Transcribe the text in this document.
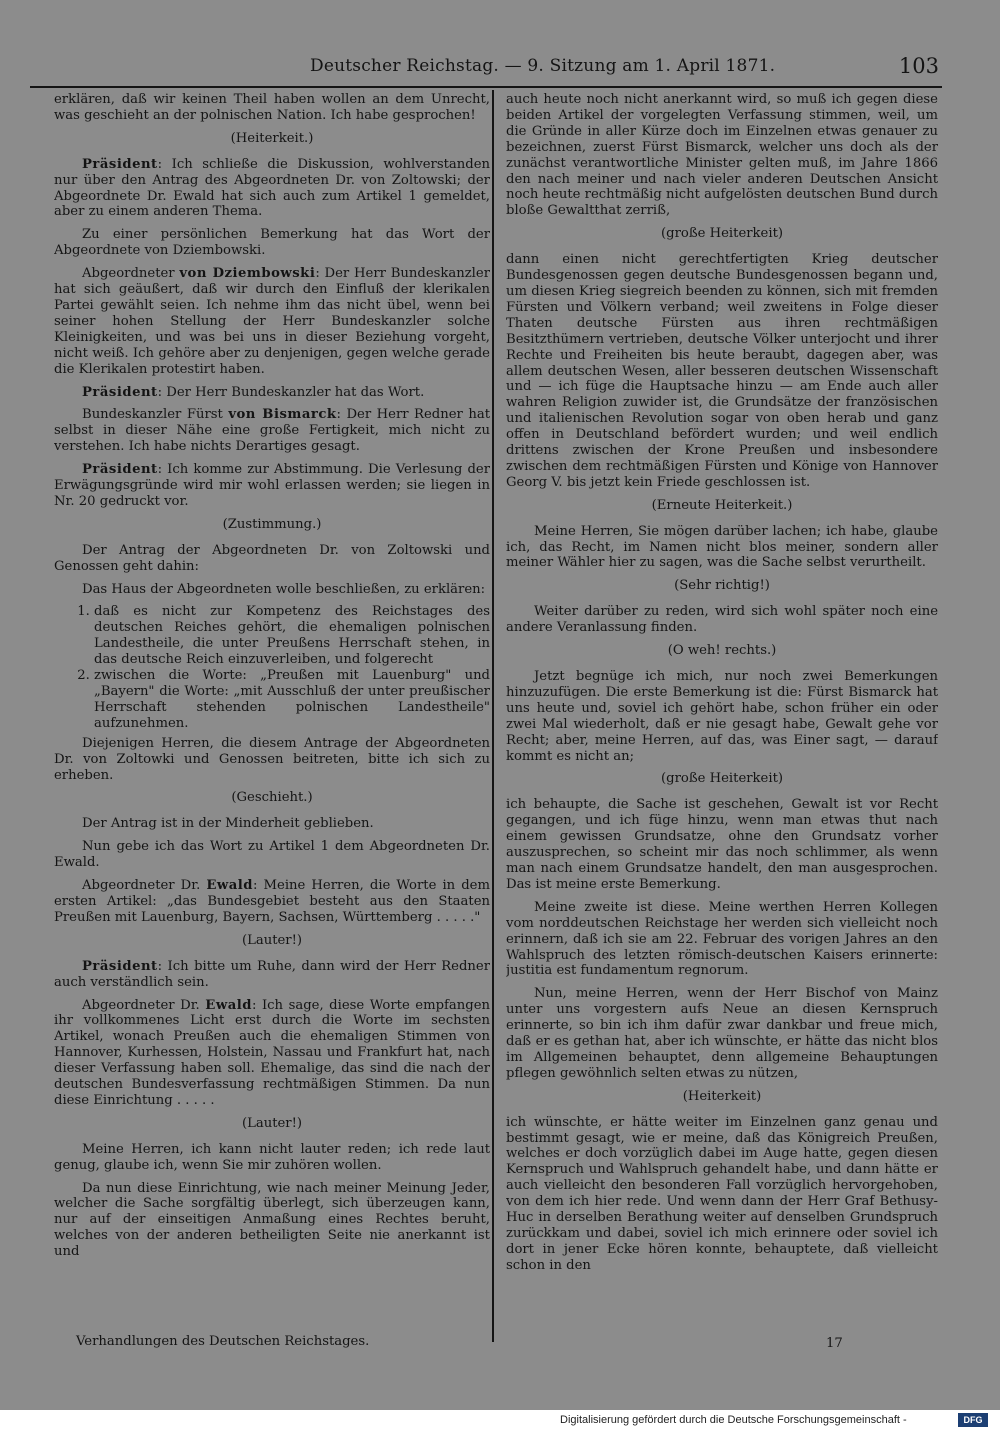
Deutscher Reichstag. — 9. Sitzung am 1. April 1871.	103

erklären, daß wir keinen Theil haben wollen an dem Unrecht, was geschieht an der polnischen Nation. Ich habe gesprochen!

(Heiterkeit.)

Präsident: Ich schließe die Diskussion, wohlverstanden nur über den Antrag des Abgeordneten Dr. von Zoltowski; der Abgeordnete Dr. Ewald hat sich auch zum Artikel 1 gemeldet, aber zu einem anderen Thema.

Zu einer persönlichen Bemerkung hat das Wort der Abgeordnete von Dziembowski.

Abgeordneter von Dziembowski: Der Herr Bundeskanzler hat sich geäußert, daß wir durch den Einfluß der klerikalen Partei gewählt seien. Ich nehme ihm das nicht übel, wenn bei seiner hohen Stellung der Herr Bundeskanzler solche Kleinigkeiten, und was bei uns in dieser Beziehung vorgeht, nicht weiß. Ich gehöre aber zu denjenigen, gegen welche gerade die Klerikalen protestirt haben.

Präsident: Der Herr Bundeskanzler hat das Wort.

Bundeskanzler Fürst von Bismarck: Der Herr Redner hat selbst in dieser Nähe eine große Fertigkeit, mich nicht zu verstehen. Ich habe nichts Derartiges gesagt.

Präsident: Ich komme zur Abstimmung. Die Verlesung der Erwägungsgründe wird mir wohl erlassen werden; sie liegen in Nr. 20 gedruckt vor.

(Zustimmung.)

Der Antrag der Abgeordneten Dr. von Zoltowski und Genossen geht dahin:

Das Haus der Abgeordneten wolle beschließen, zu erklären:

1. daß es nicht zur Kompetenz des Reichstages des deutschen Reiches gehört, die ehemaligen polnischen Landestheile, die unter Preußens Herrschaft stehen, in das deutsche Reich einzuverleiben, und folgerecht
2. zwischen die Worte: „Preußen mit Lauenburg" und „Bayern" die Worte: „mit Ausschluß der unter preußischer Herrschaft stehenden polnischen Landestheile" aufzunehmen.

Diejenigen Herren, die diesem Antrage der Abgeordneten Dr. von Zoltowki und Genossen beitreten, bitte ich sich zu erheben.

(Geschieht.)

Der Antrag ist in der Minderheit geblieben.

Nun gebe ich das Wort zu Artikel 1 dem Abgeordneten Dr. Ewald.

Abgeordneter Dr. Ewald: Meine Herren, die Worte in dem ersten Artikel: „das Bundesgebiet besteht aus den Staaten Preußen mit Lauenburg, Bayern, Sachsen, Württemberg . . . . ."

(Lauter!)

Präsident: Ich bitte um Ruhe, dann wird der Herr Redner auch verständlich sein.

Abgeordneter Dr. Ewald: Ich sage, diese Worte empfangen ihr vollkommenes Licht erst durch die Worte im sechsten Artikel, wonach Preußen auch die ehemaligen Stimmen von Hannover, Kurhessen, Holstein, Nassau und Frankfurt hat, nach dieser Verfassung haben soll. Ehemalige, das sind die nach der deutschen Bundesverfassung rechtmäßigen Stimmen. Da nun diese Einrichtung . . . . .

(Lauter!)

Meine Herren, ich kann nicht lauter reden; ich rede laut genug, glaube ich, wenn Sie mir zuhören wollen.

Da nun diese Einrichtung, wie nach meiner Meinung Jeder, welcher die Sache sorgfältig überlegt, sich überzeugen kann, nur auf der einseitigen Anmaßung eines Rechtes beruht, welches von der anderen betheiligten Seite nie anerkannt ist und

auch heute noch nicht anerkannt wird, so muß ich gegen diese beiden Artikel der vorgelegten Verfassung stimmen, weil, um die Gründe in aller Kürze doch im Einzelnen etwas genauer zu bezeichnen, zuerst Fürst Bismarck, welcher uns doch als der zunächst verantwortliche Minister gelten muß, im Jahre 1866 den nach meiner und nach vieler anderen Deutschen Ansicht noch heute rechtmäßig nicht aufgelösten deutschen Bund durch bloße Gewaltthat zerriß,

(große Heiterkeit)

dann einen nicht gerechtfertigten Krieg deutscher Bundesgenossen gegen deutsche Bundesgenossen begann und, um diesen Krieg siegreich beenden zu können, sich mit fremden Fürsten und Völkern verband; weil zweitens in Folge dieser Thaten deutsche Fürsten aus ihren rechtmäßigen Besitzthümern vertrieben, deutsche Völker unterjocht und ihrer Rechte und Freiheiten bis heute beraubt, dagegen aber, was allem deutschen Wesen, aller besseren deutschen Wissenschaft und — ich füge die Hauptsache hinzu — am Ende auch aller wahren Religion zuwider ist, die Grundsätze der französischen und italienischen Revolution sogar von oben herab und ganz offen in Deutschland befördert wurden; und weil endlich drittens zwischen der Krone Preußen und insbesondere zwischen dem rechtmäßigen Fürsten und Könige von Hannover Georg V. bis jetzt kein Friede geschlossen ist.

(Erneute Heiterkeit.)

Meine Herren, Sie mögen darüber lachen; ich habe, glaube ich, das Recht, im Namen nicht blos meiner, sondern aller meiner Wähler hier zu sagen, was die Sache selbst verurtheilt.

(Sehr richtig!)

Weiter darüber zu reden, wird sich wohl später noch eine andere Veranlassung finden.

(O weh! rechts.)

Jetzt begnüge ich mich, nur noch zwei Bemerkungen hinzuzufügen. Die erste Bemerkung ist die: Fürst Bismarck hat uns heute und, soviel ich gehört habe, schon früher ein oder zwei Mal wiederholt, daß er nie gesagt habe, Gewalt gehe vor Recht; aber, meine Herren, auf das, was Einer sagt, — darauf kommt es nicht an;

(große Heiterkeit)

ich behaupte, die Sache ist geschehen, Gewalt ist vor Recht gegangen, und ich füge hinzu, wenn man etwas thut nach einem gewissen Grundsatze, ohne den Grundsatz vorher auszusprechen, so scheint mir das noch schlimmer, als wenn man nach einem Grundsatze handelt, den man ausgesprochen. Das ist meine erste Bemerkung.

Meine zweite ist diese. Meine werthen Herren Kollegen vom norddeutschen Reichstage her werden sich vielleicht noch erinnern, daß ich sie am 22. Februar des vorigen Jahres an den Wahlspruch des letzten römisch-deutschen Kaisers erinnerte: justitia est fundamentum regnorum.

Nun, meine Herren, wenn der Herr Bischof von Mainz unter uns vorgestern aufs Neue an diesen Kernspruch erinnerte, so bin ich ihm dafür zwar dankbar und freue mich, daß er es gethan hat, aber ich wünschte, er hätte das nicht blos im Allgemeinen behauptet, denn allgemeine Behauptungen pflegen gewöhnlich selten etwas zu nützen,

(Heiterkeit)

ich wünschte, er hätte weiter im Einzelnen ganz genau und bestimmt gesagt, wie er meine, daß das Königreich Preußen, welches er doch vorzüglich dabei im Auge hatte, gegen diesen Kernspruch und Wahlspruch gehandelt habe, und dann hätte er auch vielleicht den besonderen Fall vorzüglich hervorgehoben, von dem ich hier rede. Und wenn dann der Herr Graf Bethusy-Huc in derselben Berathung weiter auf denselben Grundspruch zurückkam und dabei, soviel ich mich erinnere oder soviel ich dort in jener Ecke hören konnte, behauptete, daß vielleicht schon in den

Verhandlungen des Deutschen Reichstages.	17
Digitalisierung gefördert durch die Deutsche Forschungsgemeinschaft -	DFG
